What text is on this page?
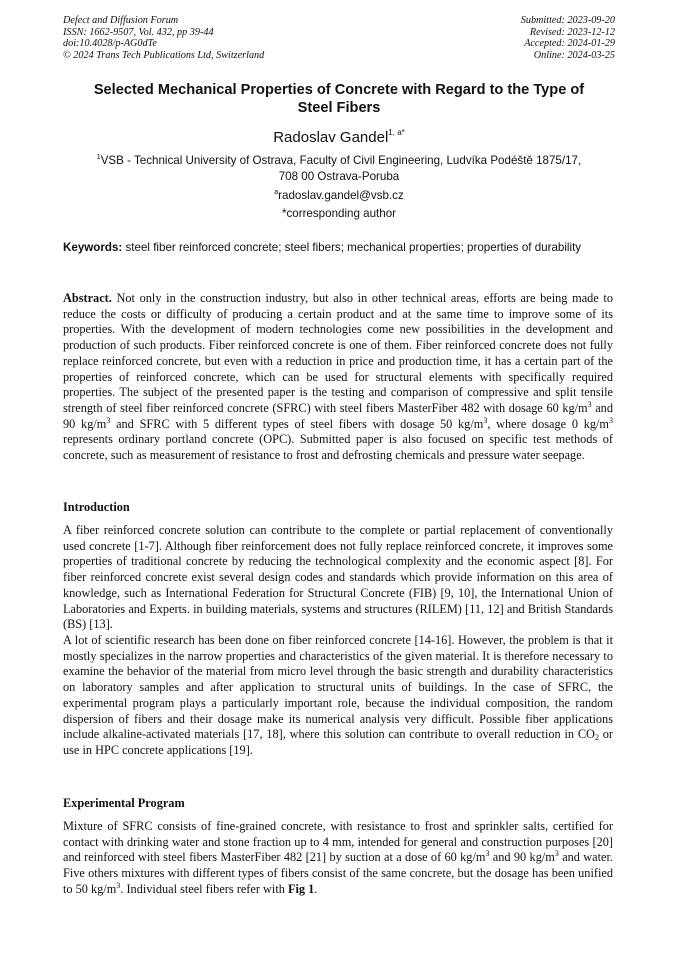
Defect and Diffusion Forum
ISSN: 1662-9507, Vol. 432, pp 39-44
doi:10.4028/p-AG0dTe
© 2024 Trans Tech Publications Ltd, Switzerland
Submitted: 2023-09-20
Revised: 2023-12-12
Accepted: 2024-01-29
Online: 2024-03-25
Selected Mechanical Properties of Concrete with Regard to the Type of
Steel Fibers
Radoslav Gandel$^{1, a*}$
$^1$VSB - Technical University of Ostrava, Faculty of Civil Engineering, Ludvíka Podéště 1875/17,
708 00 Ostrava-Poruba
$^a$radoslav.gandel@vsb.cz
*corresponding author
Keywords: steel fiber reinforced concrete; steel fibers; mechanical properties; properties of durability

Abstract. Not only in the construction industry, but also in other technical areas, efforts are being made to reduce the costs or difficulty of producing a certain product and at the same time to improve some of its properties. With the development of modern technologies come new possibilities in the development and production of such products. Fiber reinforced concrete is one of them. Fiber reinforced concrete does not fully replace reinforced concrete, but even with a reduction in price and production time, it has a certain part of the properties of reinforced concrete, which can be used for structural elements with specifically required properties. The subject of the presented paper is the testing and comparison of compressive and split tensile strength of steel fiber reinforced concrete (SFRC) with steel fibers MasterFiber 482 with dosage 60 $kg/m^3$ and 90 $kg/m^3$ and SFRC with 5 different types of steel fibers with dosage 50 $kg/m^3$, where dosage 0 $kg/m^3$ represents ordinary portland concrete (OPC). Submitted paper is also focused on specific test methods of concrete, such as measurement of resistance to frost and defrosting chemicals and pressure water seepage.

Introduction

A fiber reinforced concrete solution can contribute to the complete or partial replacement of conventionally used concrete [1-7]. Although fiber reinforcement does not fully replace reinforced concrete, it improves some properties of traditional concrete by reducing the technological complexity and the economic aspect [8]. For fiber reinforced concrete exist several design codes and standards which provide information on this area of knowledge, such as International Federation for Structural Concrete (FIB) [9, 10], the International Union of Laboratories and Experts. in building materials, systems and structures (RILEM) [11, 12] and British Standards (BS) [13].

A lot of scientific research has been done on fiber reinforced concrete [14-16]. However, the problem is that it mostly specializes in the narrow properties and characteristics of the given material. It is therefore necessary to examine the behavior of the material from micro level through the basic strength and durability characteristics on laboratory samples and after application to structural units of buildings. In the case of SFRC, the experimental program plays a particularly important role, because the individual composition, the random dispersion of fibers and their dosage make its numerical analysis very difficult. Possible fiber applications include alkaline-activated materials [17, 18], where this solution can contribute to overall reduction in $CO_2$ or use in HPC concrete applications [19].

Experimental Program

Mixture of SFRC consists of fine-grained concrete, with resistance to frost and sprinkler salts, certified for contact with drinking water and stone fraction up to 4 mm, intended for general and construction purposes [20] and reinforced with steel fibers MasterFiber 482 [21] by suction at a dose of 60 $kg/m^3$ and 90 $kg/m^3$ and water. Five others mixtures with different types of fibers consist of the same concrete, but the dosage has been unified to 50 $kg/m^3$. Individual steel fibers refer with Fig 1.
